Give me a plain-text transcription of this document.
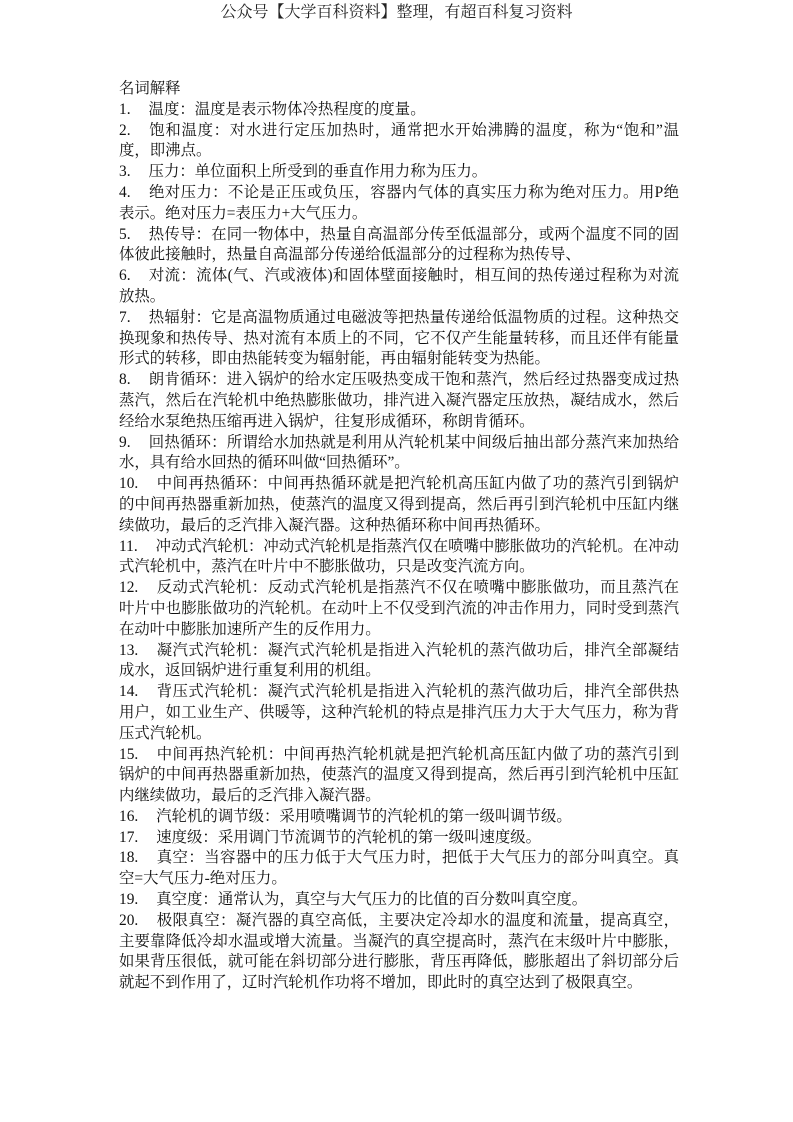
公众号【大学百科资料】整理，有超百科复习资料
名词解释

1. 温度：温度是表示物体冷热程度的度量。

2. 饱和温度：对水进行定压加热时，通常把水开始沸腾的温度，称为“饱和”温度，即沸点。

3. 压力：单位面积上所受到的垂直作用力称为压力。

4. 绝对压力：不论是正压或负压，容器内气体的真实压力称为绝对压力。用P绝表示。绝对压力=表压力+大气压力。

5. 热传导：在同一物体中，热量自高温部分传至低温部分，或两个温度不同的固体彼此接触时，热量自高温部分传递给低温部分的过程称为热传导、

6. 对流：流体(气、汽或液体)和固体壁面接触时，相互间的热传递过程称为对流放热。

7. 热辐射：它是高温物质通过电磁波等把热量传递给低温物质的过程。这种热交换现象和热传导、热对流有本质上的不同，它不仅产生能量转移，而且还伴有能量形式的转移，即由热能转变为辐射能，再由辐射能转变为热能。

8. 朗肯循环：进入锅炉的给水定压吸热变成干饱和蒸汽，然后经过热器变成过热蒸汽，然后在汽轮机中绝热膨胀做功，排汽进入凝汽器定压放热，凝结成水，然后经给水泵绝热压缩再进入锅炉，往复形成循环，称朗肯循环。

9. 回热循环：所谓给水加热就是利用从汽轮机某中间级后抽出部分蒸汽来加热给水，具有给水回热的循环叫做“回热循环”。

10. 中间再热循环：中间再热循环就是把汽轮机高压缸内做了功的蒸汽引到锅炉的中间再热器重新加热，使蒸汽的温度又得到提高，然后再引到汽轮机中压缸内继续做功，最后的乏汽排入凝汽器。这种热循环称中间再热循环。

11. 冲动式汽轮机：冲动式汽轮机是指蒸汽仅在喷嘴中膨胀做功的汽轮机。在冲动式汽轮机中，蒸汽在叶片中不膨胀做功，只是改变汽流方向。

12. 反动式汽轮机：反动式汽轮机是指蒸汽不仅在喷嘴中膨胀做功，而且蒸汽在叶片中也膨胀做功的汽轮机。在动叶上不仅受到汽流的冲击作用力，同时受到蒸汽在动叶中膨胀加速所产生的反作用力。

13. 凝汽式汽轮机：凝汽式汽轮机是指进入汽轮机的蒸汽做功后，排汽全部凝结成水，返回锅炉进行重复利用的机组。

14. 背压式汽轮机：凝汽式汽轮机是指进入汽轮机的蒸汽做功后，排汽全部供热用户，如工业生产、供暖等，这种汽轮机的特点是排汽压力大于大气压力，称为背压式汽轮机。

15. 中间再热汽轮机：中间再热汽轮机就是把汽轮机高压缸内做了功的蒸汽引到锅炉的中间再热器重新加热，使蒸汽的温度又得到提高，然后再引到汽轮机中压缸内继续做功，最后的乏汽排入凝汽器。

16. 汽轮机的调节级：采用喷嘴调节的汽轮机的第一级叫调节级。

17. 速度级：采用调门节流调节的汽轮机的第一级叫速度级。

18. 真空：当容器中的压力低于大气压力时，把低于大气压力的部分叫真空。真空=大气压力-绝对压力。

19. 真空度：通常认为，真空与大气压力的比值的百分数叫真空度。

20. 极限真空：凝汽器的真空高低，主要决定冷却水的温度和流量，提高真空，主要靠降低冷却水温或增大流量。当凝汽的真空提高时，蒸汽在末级叶片中膨胀，如果背压很低，就可能在斜切部分进行膨胀，背压再降低，膨胀超出了斜切部分后就起不到作用了，辽时汽轮机作功将不增加，即此时的真空达到了极限真空。
